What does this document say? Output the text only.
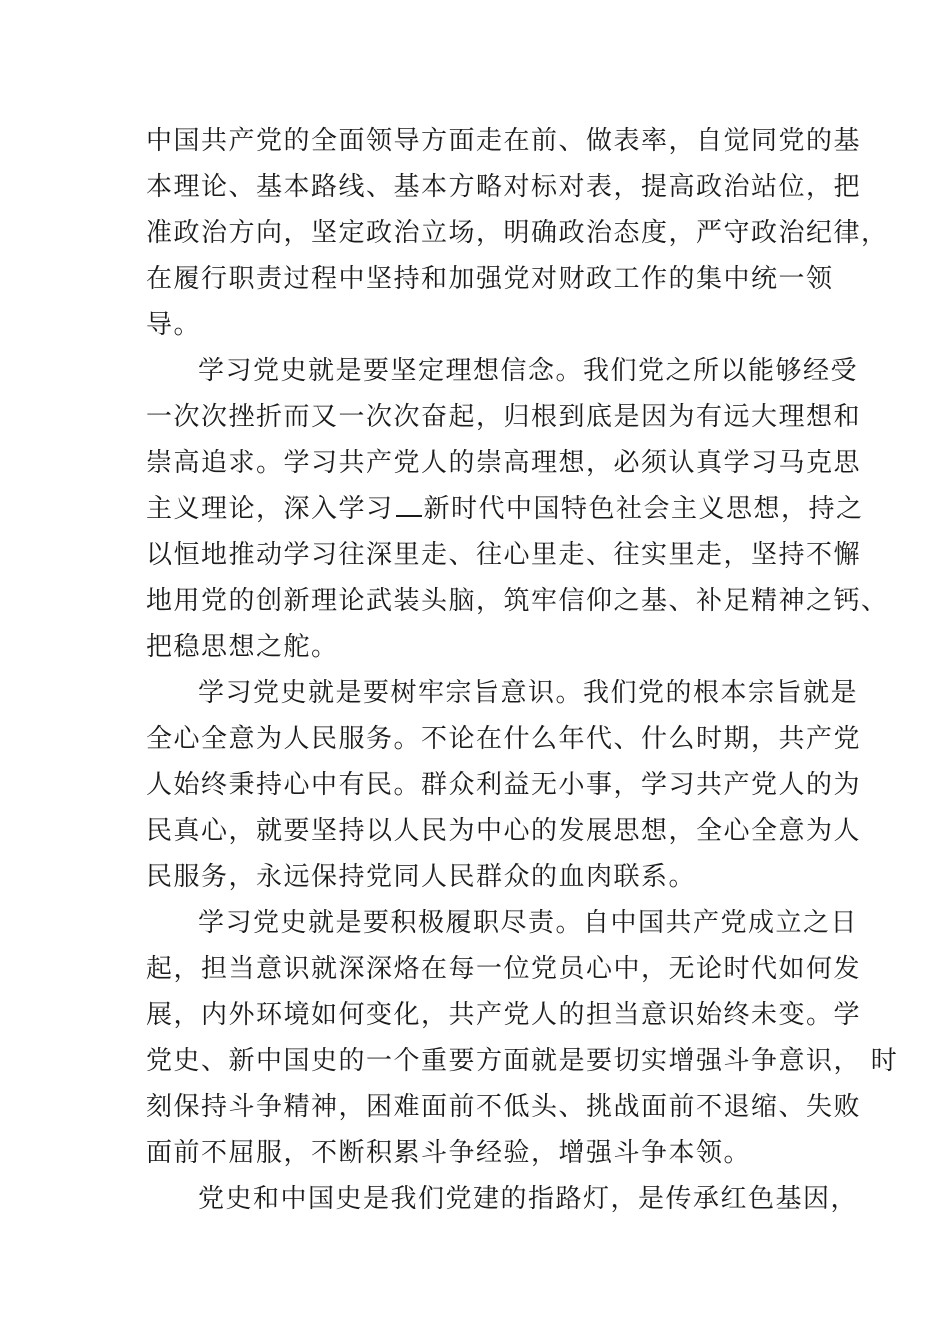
中国共产党的全面领导方面走在前、做表率，自觉同党的基
本理论、基本路线、基本方略对标对表，提高政治站位，把
准政治方向，坚定政治立场，明确政治态度，严守政治纪律，
在履行职责过程中坚持和加强党对财政工作的集中统一领
导。
学习党史就是要坚定理想信念。我们党之所以能够经受
一次次挫折而又一次次奋起，归根到底是因为有远大理想和
崇高追求。学习共产党人的崇高理想，必须认真学习马克思
主义理论，深入学习 新时代中国特色社会主义思想，持之
以恒地推动学习往深里走、往心里走、往实里走，坚持不懈
地用党的创新理论武装头脑，筑牢信仰之基、补足精神之钙、
把稳思想之舵。
学习党史就是要树牢宗旨意识。我们党的根本宗旨就是
全心全意为人民服务。不论在什么年代、什么时期，共产党
人始终秉持心中有民。群众利益无小事，学习共产党人的为
民真心，就要坚持以人民为中心的发展思想，全心全意为人
民服务，永远保持党同人民群众的血肉联系。
学习党史就是要积极履职尽责。自中国共产党成立之日
起，担当意识就深深烙在每一位党员心中，无论时代如何发
展，内外环境如何变化，共产党人的担当意识始终未变。学
党史、新中国史的一个重要方面就是要切实增强斗争意识， 时
刻保持斗争精神，困难面前不低头、挑战面前不退缩、失败
面前不屈服，不断积累斗争经验，增强斗争本领。
党史和中国史是我们党建的指路灯，是传承红色基因，
